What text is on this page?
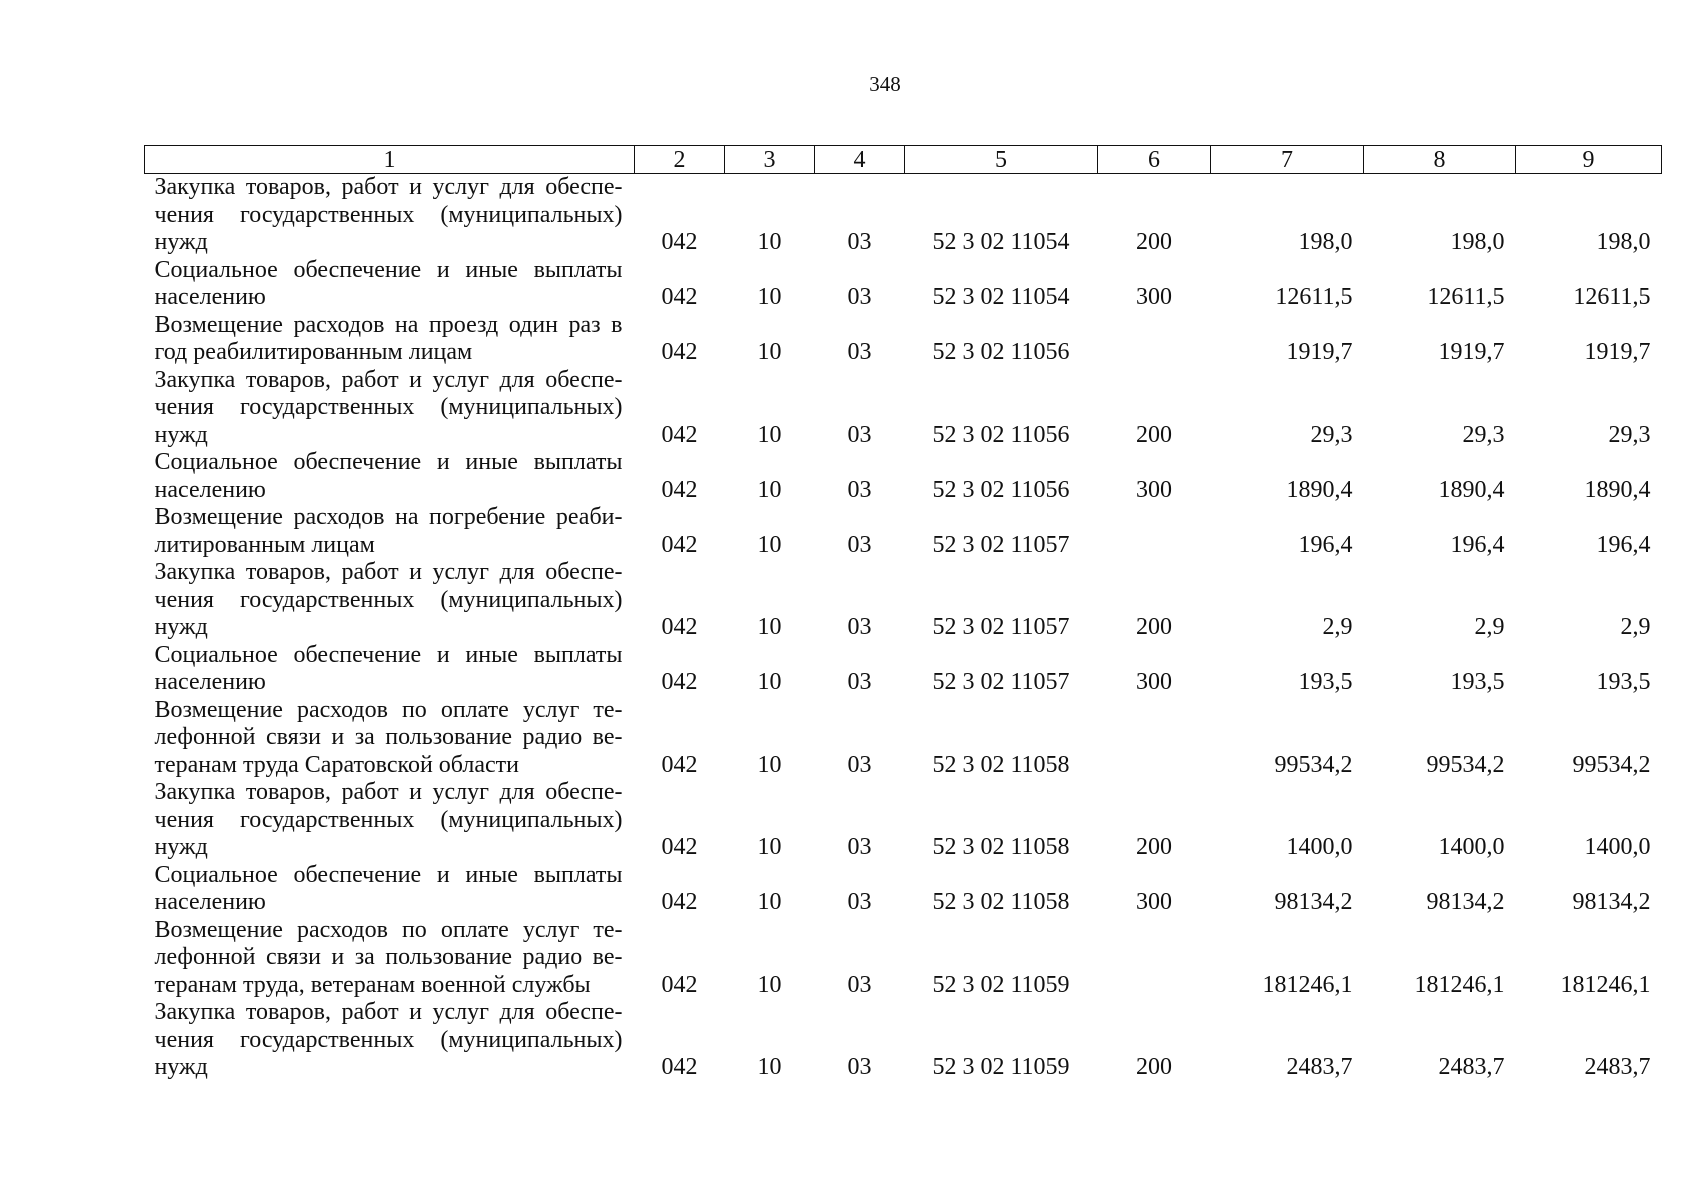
348
1	2	3	4	5	6	7	8	9
Закупка товаров, работ и услуг для обеспе-чения государственных (муниципальных) нужд	042	10	03	52 3 02 11054	200	198,0	198,0	198,0
Социальное обеспечение и иные выплаты населению	042	10	03	52 3 02 11054	300	12611,5	12611,5	12611,5
Возмещение расходов на проезд один раз в год реабилитированным лицам	042	10	03	52 3 02 11056		1919,7	1919,7	1919,7
Закупка товаров, работ и услуг для обеспе-чения государственных (муниципальных) нужд	042	10	03	52 3 02 11056	200	29,3	29,3	29,3
Социальное обеспечение и иные выплаты населению	042	10	03	52 3 02 11056	300	1890,4	1890,4	1890,4
Возмещение расходов на погребение реаби-литированным лицам	042	10	03	52 3 02 11057		196,4	196,4	196,4
Закупка товаров, работ и услуг для обеспе-чения государственных (муниципальных) нужд	042	10	03	52 3 02 11057	200	2,9	2,9	2,9
Социальное обеспечение и иные выплаты населению	042	10	03	52 3 02 11057	300	193,5	193,5	193,5
Возмещение расходов по оплате услуг те-лефонной связи и за пользование радио ве-теранам труда Саратовской области	042	10	03	52 3 02 11058		99534,2	99534,2	99534,2
Закупка товаров, работ и услуг для обеспе-чения государственных (муниципальных) нужд	042	10	03	52 3 02 11058	200	1400,0	1400,0	1400,0
Социальное обеспечение и иные выплаты населению	042	10	03	52 3 02 11058	300	98134,2	98134,2	98134,2
Возмещение расходов по оплате услуг те-лефонной связи и за пользование радио ве-теранам труда, ветеранам военной службы	042	10	03	52 3 02 11059		181246,1	181246,1	181246,1
Закупка товаров, работ и услуг для обеспе-чения государственных (муниципальных) нужд	042	10	03	52 3 02 11059	200	2483,7	2483,7	2483,7
